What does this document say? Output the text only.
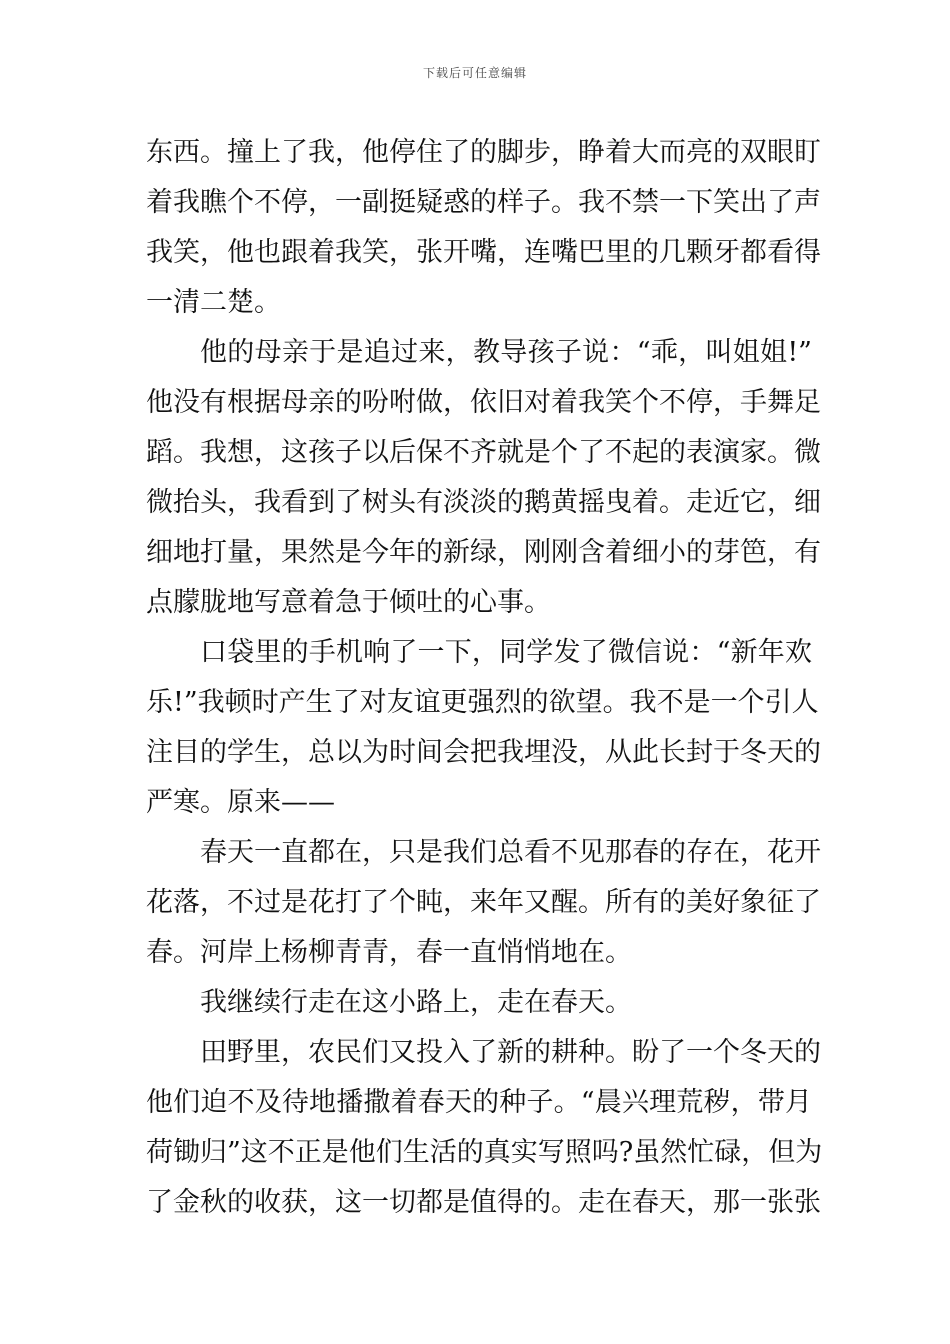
下载后可任意编辑
东西。撞上了我，他停住了的脚步，睁着大而亮的双眼盯
着我瞧个不停，一副挺疑惑的样子。我不禁一下笑出了声
我笑，他也跟着我笑，张开嘴，连嘴巴里的几颗牙都看得
一清二楚。
他的母亲于是追过来，教导孩子说：“乖，叫姐姐!”
他没有根据母亲的吩咐做，依旧对着我笑个不停，手舞足
蹈。我想，这孩子以后保不齐就是个了不起的表演家。微
微抬头，我看到了树头有淡淡的鹅黄摇曳着。走近它，细
细地打量，果然是今年的新绿，刚刚含着细小的芽笆，有
点朦胧地写意着急于倾吐的心事。
口袋里的手机响了一下，同学发了微信说：“新年欢
乐!”我顿时产生了对友谊更强烈的欲望。我不是一个引人
注目的学生，总以为时间会把我埋没，从此长封于冬天的
严寒。原来——
春天一直都在，只是我们总看不见那春的存在，花开
花落，不过是花打了个盹，来年又醒。所有的美好象征了
春。河岸上杨柳青青，春一直悄悄地在。
我继续行走在这小路上，走在春天。
田野里，农民们又投入了新的耕种。盼了一个冬天的
他们迫不及待地播撒着春天的种子。“晨兴理荒秽，带月
荷锄归”这不正是他们生活的真实写照吗?虽然忙碌，但为
了金秋的收获，这一切都是值得的。走在春天，那一张张
